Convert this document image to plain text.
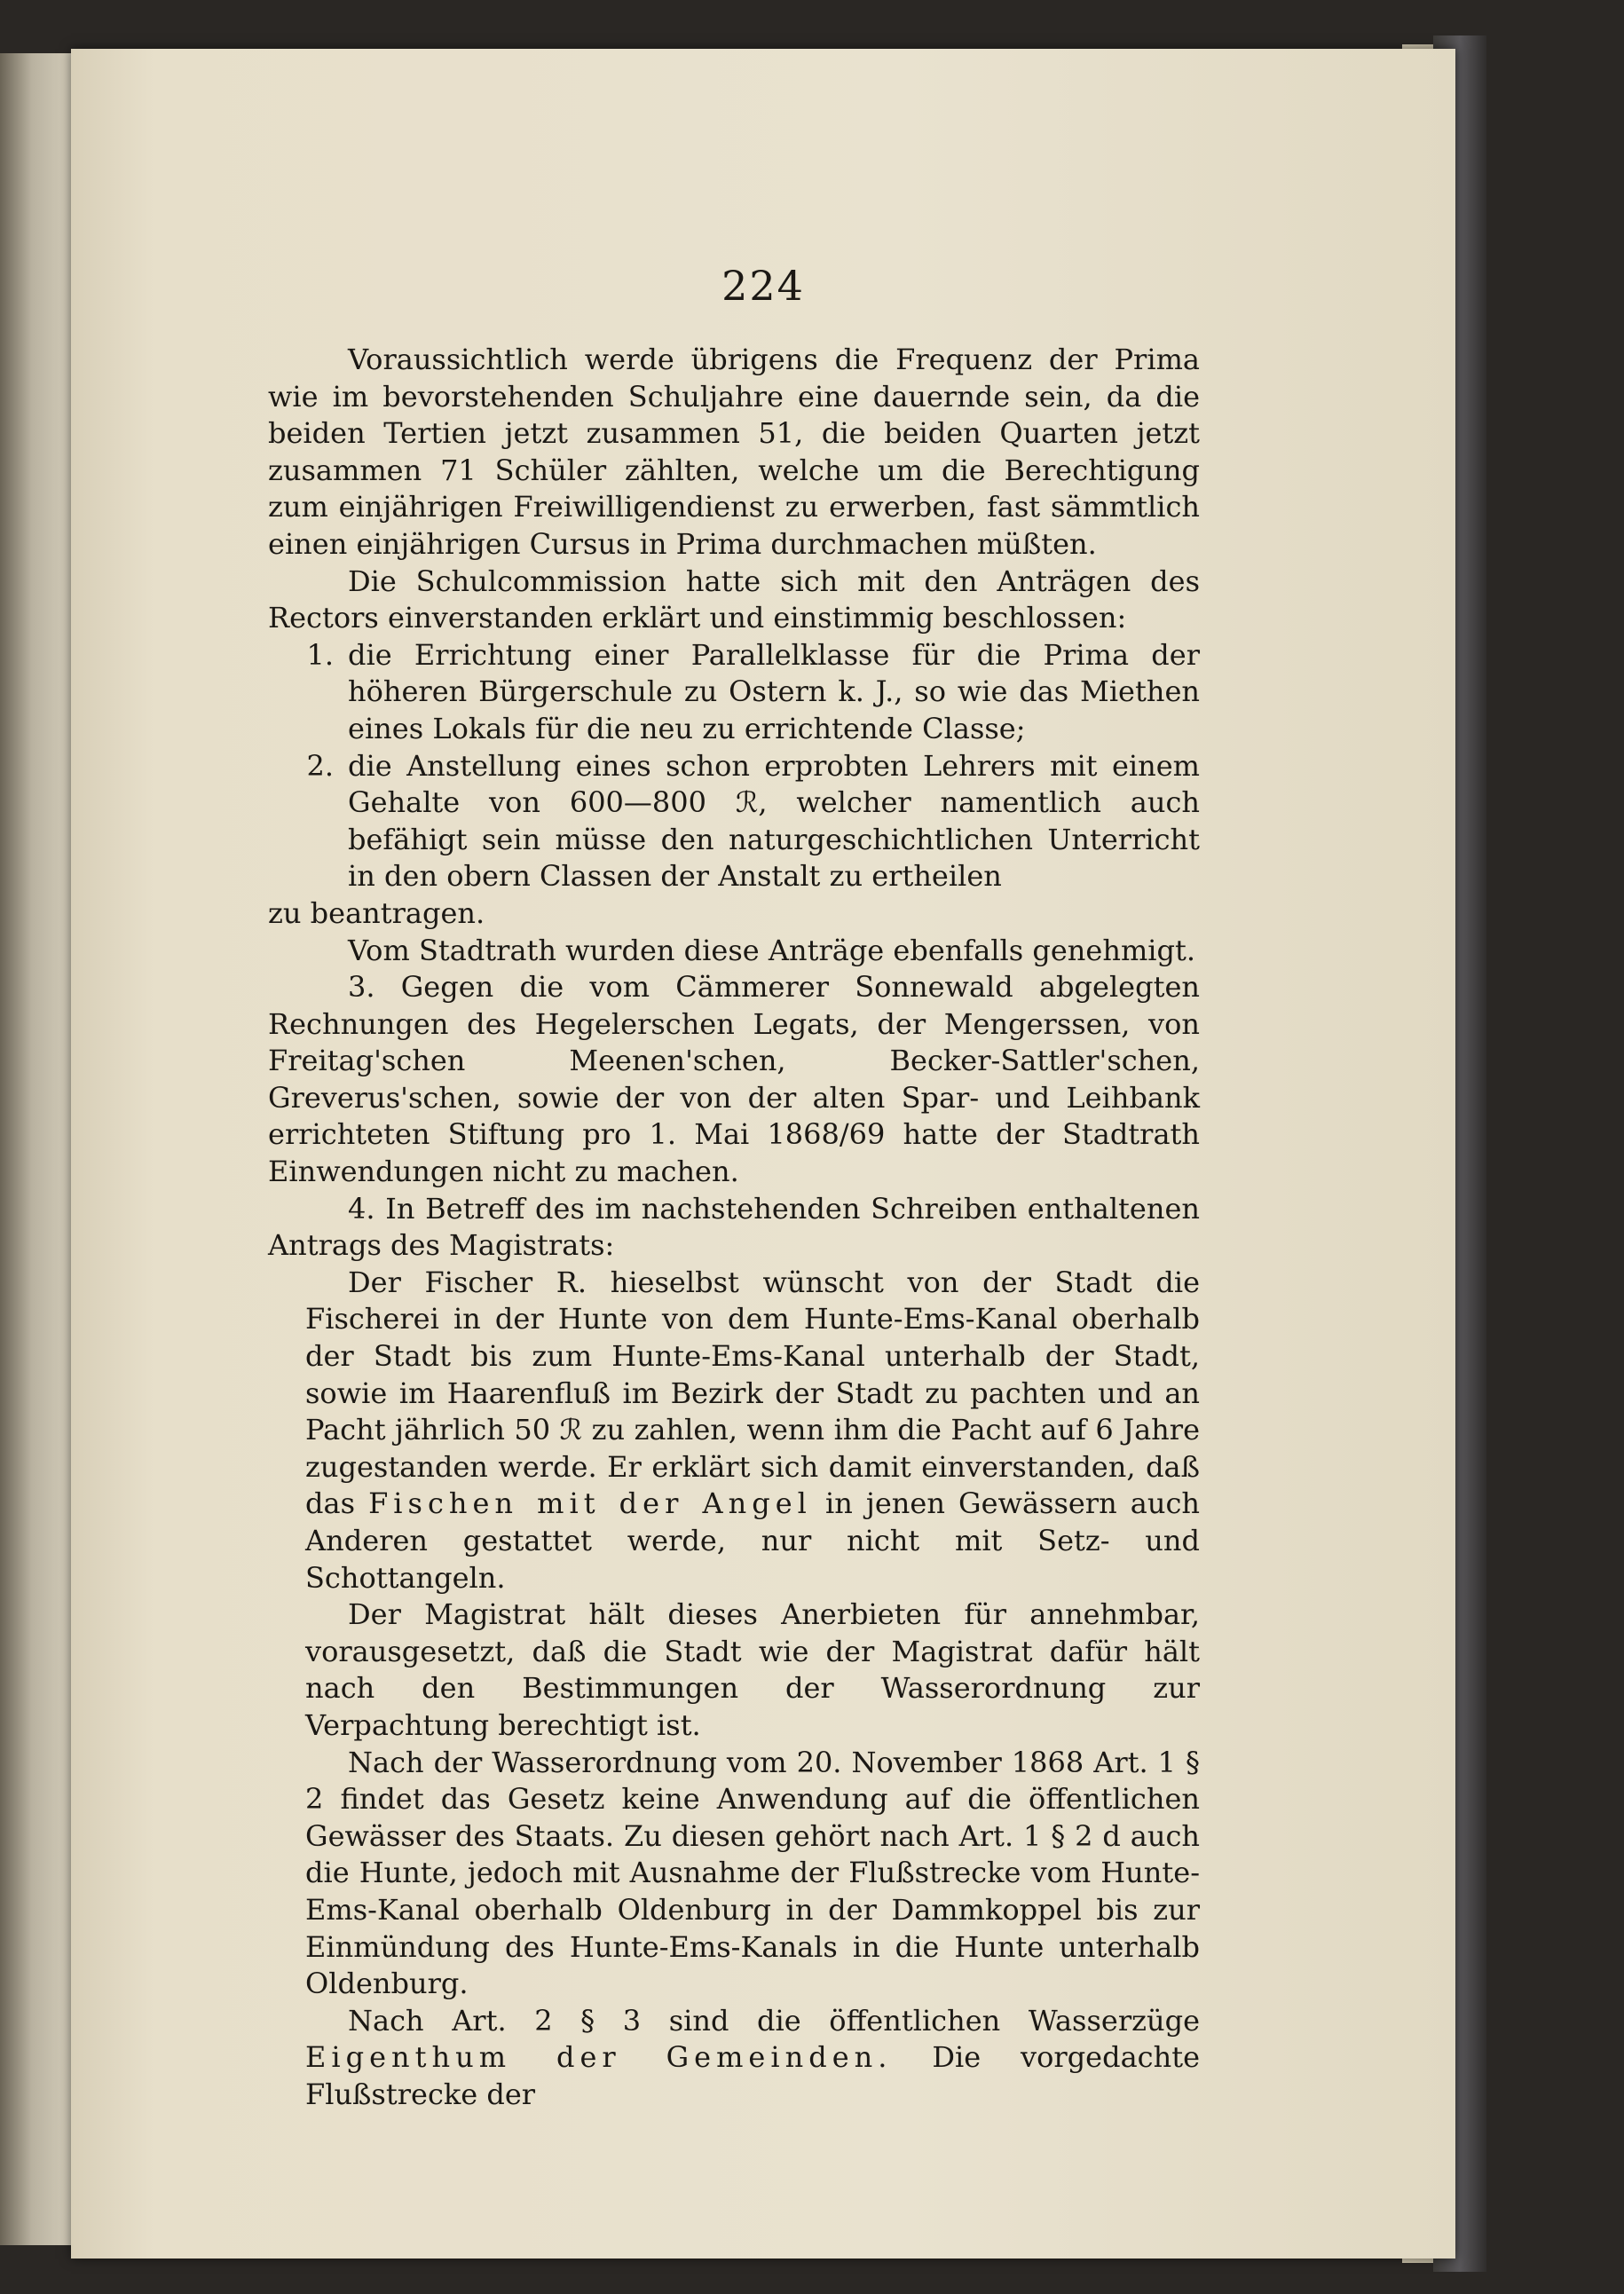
224

Voraussichtlich werde übrigens die Frequenz der Prima wie im bevorstehenden Schuljahre eine dauernde sein, da die beiden Tertien jetzt zusammen 51, die beiden Quarten jetzt zusammen 71 Schüler zählten, welche um die Berechtigung zum einjährigen Freiwilligendienst zu erwerben, fast sämmtlich einen einjährigen Cursus in Prima durchmachen müßten.

Die Schulcommission hatte sich mit den Anträgen des Rectors einverstanden erklärt und einstimmig beschlossen:

1. die Errichtung einer Parallelklasse für die Prima der höheren Bürgerschule zu Ostern k. J., so wie das Miethen eines Lokals für die neu zu errichtende Classe;
2. die Anstellung eines schon erprobten Lehrers mit einem Gehalte von 600—800 ℛ, welcher namentlich auch befähigt sein müsse den naturgeschichtlichen Unterricht in den obern Classen der Anstalt zu ertheilen

zu beantragen.

Vom Stadtrath wurden diese Anträge ebenfalls genehmigt.

3. Gegen die vom Cämmerer Sonnewald abgelegten Rechnungen des Hegelerschen Legats, der Mengerssen, von Freitag'schen Meenen'schen, Becker-Sattler'schen, Greverus'schen, sowie der von der alten Spar- und Leihbank errichteten Stiftung pro 1. Mai 1868/69 hatte der Stadtrath Einwendungen nicht zu machen.

4. In Betreff des im nachstehenden Schreiben enthaltenen Antrags des Magistrats:

Der Fischer R. hieselbst wünscht von der Stadt die Fischerei in der Hunte von dem Hunte-Ems-Kanal oberhalb der Stadt bis zum Hunte-Ems-Kanal unterhalb der Stadt, sowie im Haarenfluß im Bezirk der Stadt zu pachten und an Pacht jährlich 50 ℛ zu zahlen, wenn ihm die Pacht auf 6 Jahre zugestanden werde. Er erklärt sich damit einverstanden, daß das Fischen mit der Angel in jenen Gewässern auch Anderen gestattet werde, nur nicht mit Setz- und Schottangeln.

Der Magistrat hält dieses Anerbieten für annehmbar, vorausgesetzt, daß die Stadt wie der Magistrat dafür hält nach den Bestimmungen der Wasserordnung zur Verpachtung berechtigt ist.

Nach der Wasserordnung vom 20. November 1868 Art. 1 § 2 findet das Gesetz keine Anwendung auf die öffentlichen Gewässer des Staats. Zu diesen gehört nach Art. 1 § 2 d auch die Hunte, jedoch mit Ausnahme der Flußstrecke vom Hunte-Ems-Kanal oberhalb Oldenburg in der Dammkoppel bis zur Einmündung des Hunte-Ems-Kanals in die Hunte unterhalb Oldenburg.

Nach Art. 2 § 3 sind die öffentlichen Wasserzüge Eigenthum der Gemeinden. Die vorgedachte Flußstrecke der
